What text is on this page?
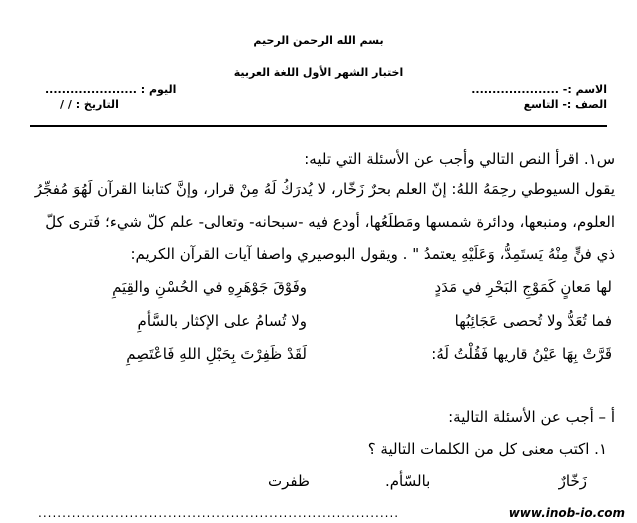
بسم الله الرحمن الرحيم
اختبار الشهر الأول اللغة العربية
الاسم :- .....................
الصف :- التاسع
اليوم : ......................
التاريخ : / /
س١. اقرأ النص التالي وأجب عن الأسئلة التي تليه:
يقول السيوطي رحِمَهُ اللهُ: إنّ العلم بحرٌ زَخّار، لا يُدرَكُ لَهُ مِنْ قرار، وإنَّ كتابنا القرآن لَهُوَ مُفجِّرُ
العلوم، ومنبعها، ودائرة شمسها ومَطلَعُها، أودع فيه -سبحانه- وتعالى- علم كلّ شيء؛ فَترى كلّ
ذي فنٍّ مِنْهُ يَستَمِدُّ، وَعَلَيْهِ يعتمدُ " . ويقول البوصيري واصفا آيات القرآن الكريم:
لها مَعانٍ كَمَوْجِ البَحْرِ في مَدَدٍ
وفَوْقَ جَوْهَرِهِ في الحُسْنِ والقِيَمِ
فما تُعَدُّ ولا تُحصى عَجَائِبُها
ولا تُسامُ على الإكثار بالسَّأمِ
قَرَّتْ بِهَا عَيْنُ قاريها فَقُلْتُ لَهُ:
لَقَدْ ظَفِرْتَ بِحَبْلِ اللهِ فَاعْتَصِمِ
أ – أجب عن الأسئلة التالية:
١. اكتب معنى كل من الكلمات التالية ؟
زَخّارٌ
بالسّأم.
ظفرت
...........................................................................	www.inob-io.com
